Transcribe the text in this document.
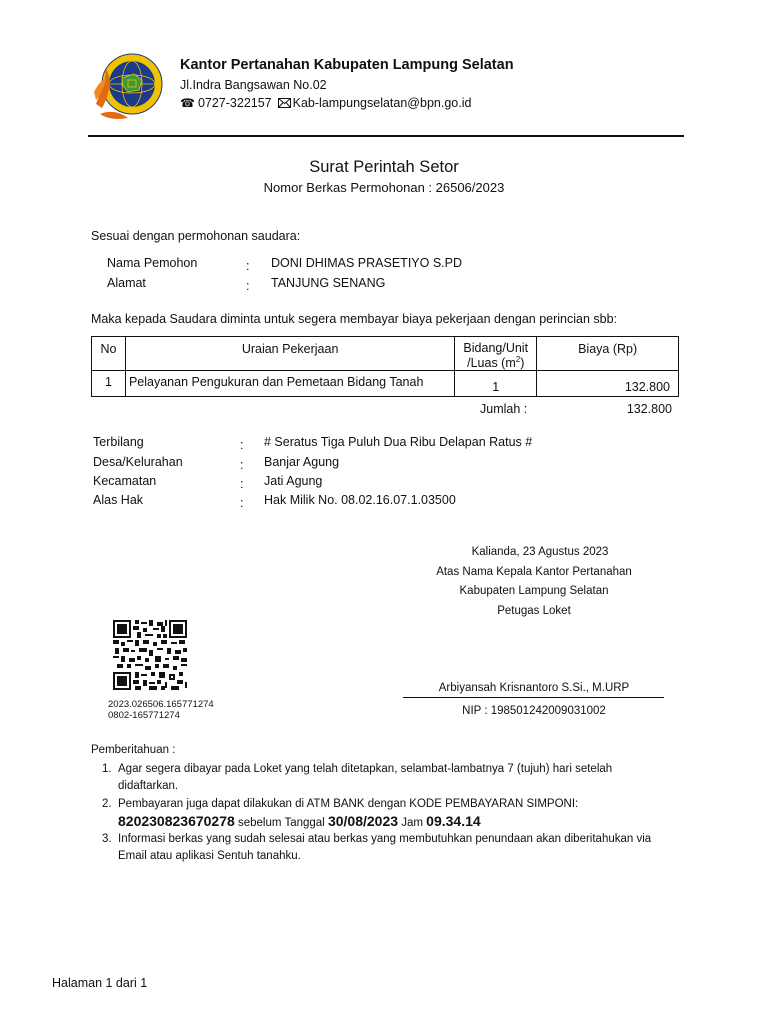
Kantor Pertanahan Kabupaten Lampung Selatan
Jl.Indra Bangsawan No.02
☎ 0727-322157 Kab-lampungselatan@bpn.go.id
Surat Perintah Setor
Nomor Berkas Permohonan : 26506/2023
Sesuai dengan permohonan saudara:
Nama Pemohon	: DONI DHIMAS PRASETIYO S.PD
Alamat	: TANJUNG SENANG
Maka kepada Saudara diminta untuk segera membayar biaya pekerjaan dengan perincian sbb:
No	Uraian Pekerjaan	Bidang/Unit
/Luas $(m^2)$	Biaya (Rp)
1	Pelayanan Pengukuran dan Pemetaan Bidang Tanah	1	132.800
Jumlah :	132.800
Terbilang	: # Seratus Tiga Puluh Dua Ribu Delapan Ratus #
Desa/Kelurahan	: Banjar Agung
Kecamatan	: Jati Agung
Alas Hak	: Hak Milik No. 08.02.16.07.1.03500
Kalianda, 23 Agustus 2023
Atas Nama Kepala Kantor Pertanahan
Kabupaten Lampung Selatan
Petugas Loket
Arbiyansah Krisnantoro S.Si., M.URP
NIP : 198501242009031002
2023.026506.165771274
0802-165771274
Pemberitahuan :
1. Agar segera dibayar pada Loket yang telah ditetapkan, selambat-lambatnya 7 (tujuh) hari setelah
didaftarkan.
2. Pembayaran juga dapat dilakukan di ATM BANK dengan KODE PEMBAYARAN SIMPONI:
820230823670278 sebelum Tanggal 30/08/2023 Jam 09.34.14
3. Informasi berkas yang sudah selesai atau berkas yang membutuhkan penundaan akan diberitahukan via
Email atau aplikasi Sentuh tanahku.
Halaman 1 dari 1
